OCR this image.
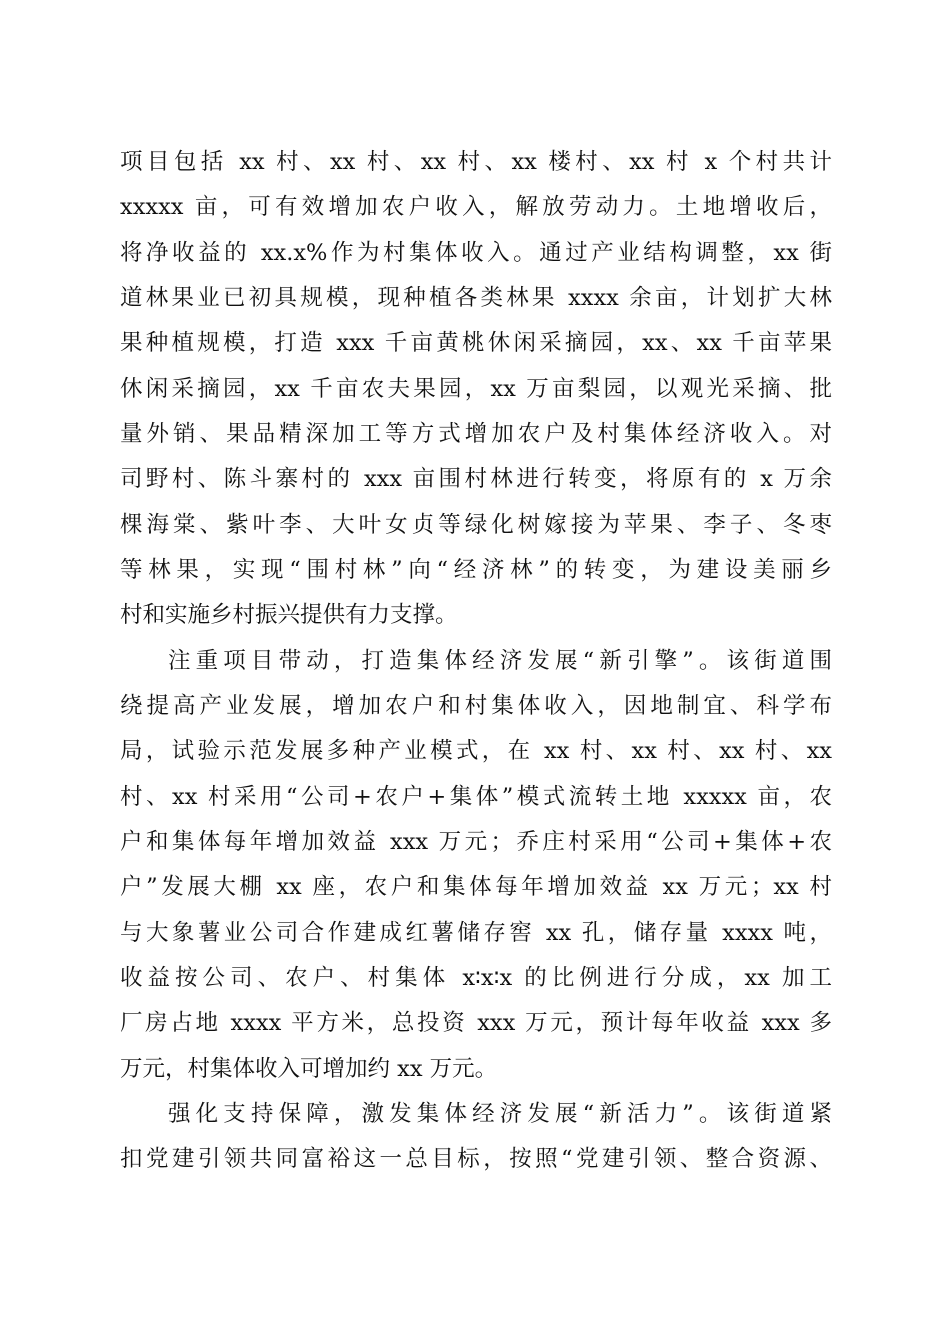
项目包括 xx 村、xx 村、xx 村、xx 楼村、xx 村 x 个村共计
xxxxx 亩，可有效增加农户收入，解放劳动力。土地增收后，
将净收益的 xx.x%作为村集体收入。通过产业结构调整，xx 街
道林果业已初具规模，现种植各类林果 xxxx 余亩，计划扩大林
果种植规模，打造 xxx 千亩黄桃休闲采摘园，xx、xx 千亩苹果
休闲采摘园，xx 千亩农夫果园，xx 万亩梨园，以观光采摘、批
量外销、果品精深加工等方式增加农户及村集体经济收入。对
司野村、陈斗寨村的 xxx 亩围村林进行转变，将原有的 x 万余
棵海棠、紫叶李、大叶女贞等绿化树嫁接为苹果、李子、冬枣
等林果，实现“围村林”向“经济林”的转变，为建设美丽乡
村和实施乡村振兴提供有力支撑。
注重项目带动，打造集体经济发展“新引擎”。该街道围
绕提高产业发展，增加农户和村集体收入，因地制宜、科学布
局，试验示范发展多种产业模式，在 xx 村、xx 村、xx 村、xx
村、xx 村采用“公司+农户+集体”模式流转土地 xxxxx 亩，农
户和集体每年增加效益 xxx 万元；乔庄村采用“公司+集体+农
户”发展大棚 xx 座，农户和集体每年增加效益 xx 万元；xx 村
与大象薯业公司合作建成红薯储存窖 xx 孔，储存量 xxxx 吨，
收益按公司、农户、村集体 x∶x∶x 的比例进行分成，xx 加工
厂房占地 xxxx 平方米，总投资 xxx 万元，预计每年收益 xxx 多
万元，村集体收入可增加约 xx 万元。
强化支持保障，激发集体经济发展“新活力”。该街道紧
扣党建引领共同富裕这一总目标，按照“党建引领、整合资源、
